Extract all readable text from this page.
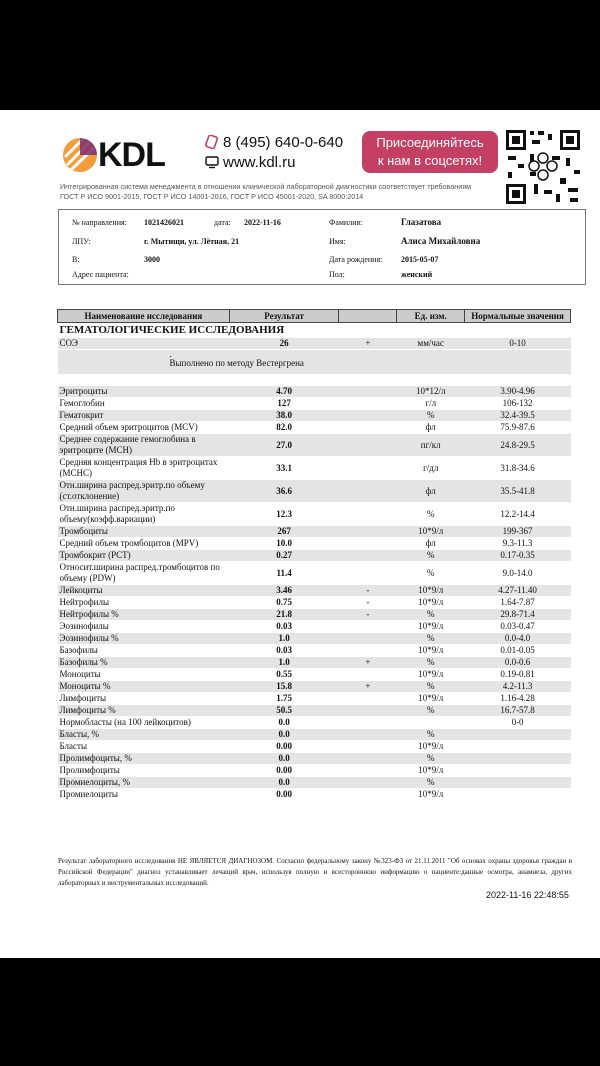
KDL	8 (495) 640-0-640
www.kdl.ru
Присоединяйтесь
к нам в соцсетях!
Интегрированная система менеджмента в отношении клинической лабораторной диагностики соответствует требованиям
ГОСТ Р ИСО 9001-2015, ГОСТ Р ИСО 14001-2016, ГОСТ Р ИСО 45001-2020, SA 8000:2014
№ направления: 1021426021	дата: 2022-11-16
ЛПУ:	г. Мытищи, ул. Лётная, 21
В:	3000
Адрес пациента:
Фамилия:	Глазатова
Имя:	Алиса Михайловна
Дата рождения: 2015-05-07
Пол:	женский
Наименование исследования	Результат		Ед. изм.	Нормальные значения
ГЕМАТОЛОГИЧЕСКИЕ ИССЛЕДОВАНИЯ				
СОЭ	26	+	мм/час	0-10

.
Выполнено по методу Вестергрена				

Эритроциты	4.70		10*12/л	3.90-4.96
Гемоглобин	127		г/л	106-132
Гематокрит	38.0		%	32.4-39.5
Средний объем эритроцитов (MCV)	82.0		фл	75.9-87.6
Среднее содержание гемоглобина в эритроците (MCH)	27.0		пг/кл	24.8-29.5
Средняя концентрация Hb в эритроцитах (MCHC)	33.1		г/дл	31.8-34.6
Отн.ширина распред.эритр.по объему (ст.отклонение)	36.6		фл	35.5-41.8
Отн.ширина распред.эритр.по объему(коэфф.вариации)	12.3		%	12.2-14.4
Тромбоциты	267		10*9/л	199-367
Средний объем тромбоцитов (MPV)	10.0		фл	9.3-11.3
Тромбокрит (PCT)	0.27		%	0.17-0.35
Относит.ширина распред.тромбоцитов по объему (PDW)	11.4		%	9.0-14.0
Лейкоциты	3.46	-	10*9/л	4.27-11.40
Нейтрофилы	0.75	-	10*9/л	1.64-7.87
Нейтрофилы %	21.8	-	%	29.8-71.4
Эозинофилы	0.03		10*9/л	0.03-0.47
Эозинофилы %	1.0		%	0.0-4.0
Базофилы	0.03		10*9/л	0.01-0.05
Базофилы %	1.0	+	%	0.0-0.6
Моноциты	0.55		10*9/л	0.19-0.81
Моноциты %	15.8	+	%	4.2-11.3
Лимфоциты	1.75		10*9/л	1.16-4.28
Лимфоциты %	50.5		%	16.7-57.8
Нормобласты (на 100 лейкоцитов)	0.0			0-0
Бласты, %	0.0		%	
Бласты	0.00		10*9/л	
Пролимфоциты, %	0.0		%	
Пролимфоциты	0.00		10*9/л	
Промиелоциты, %	0.0		%	
Промиелоциты	0.00		10*9/л	
Результат лабораторного исследования НЕ ЯВЛЯЕТСЯ ДИАГНОЗОМ. Согласно федеральному закону №323-ФЗ от 21.11.2011 "Об основах охраны здоровья граждан в Российской Федерации" диагноз устанавливает лечащий врач, используя полную и всестороннюю информацию о пациенте:данные осмотра, анамнеза, других лабораторных и инструментальных исследований.
2022-11-16 22:48:55
